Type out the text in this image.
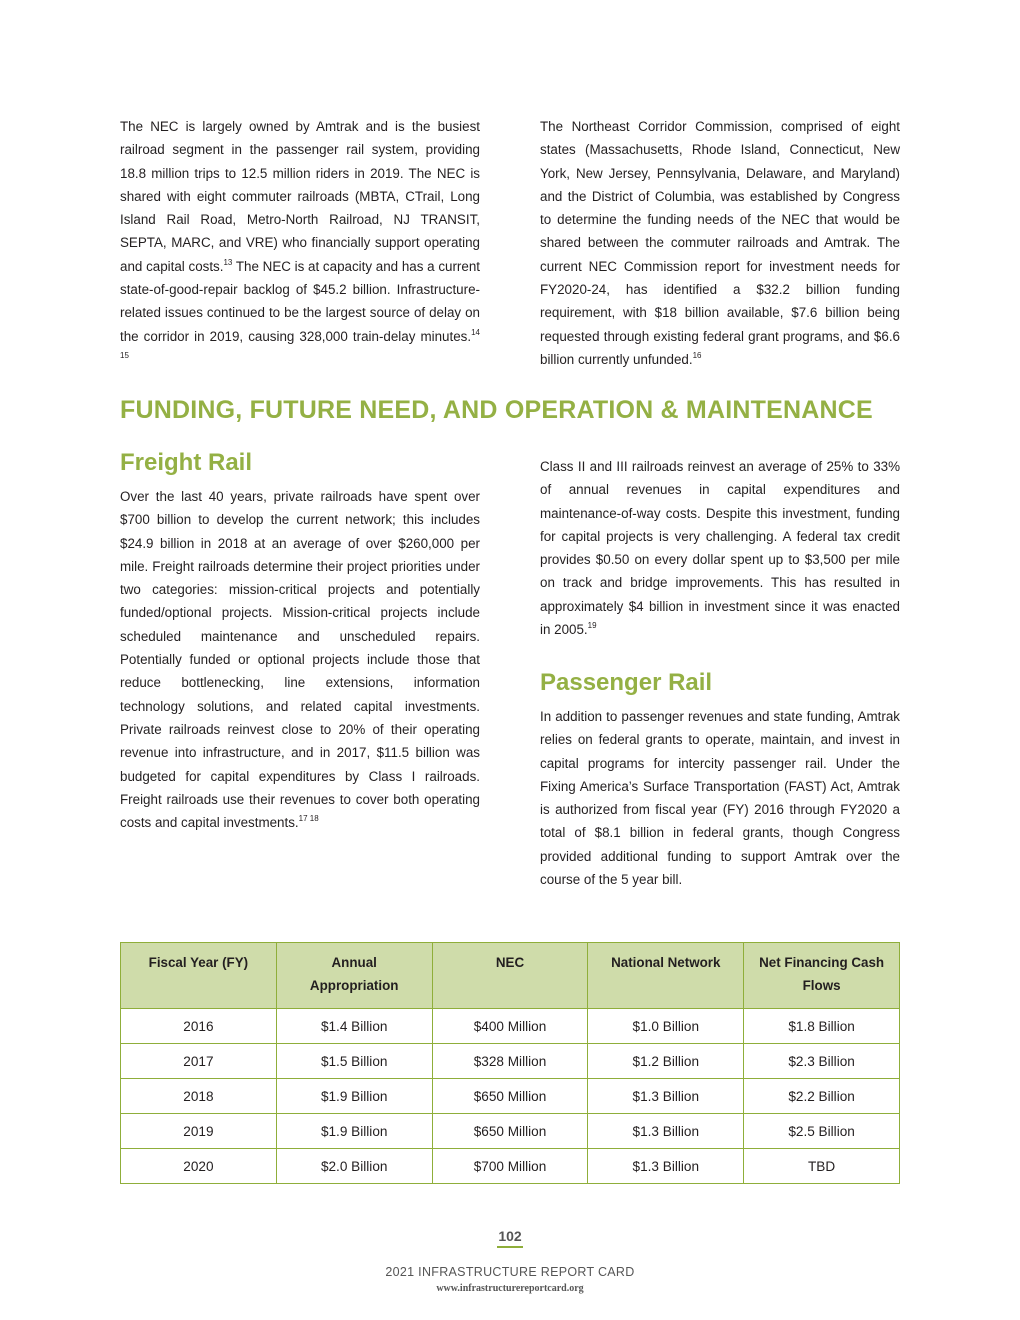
The NEC is largely owned by Amtrak and is the busiest railroad segment in the passenger rail system, providing 18.8 million trips to 12.5 million riders in 2019. The NEC is shared with eight commuter railroads (MBTA, CTrail, Long Island Rail Road, Metro-North Railroad, NJ TRANSIT, SEPTA, MARC, and VRE) who financially support operating and capital costs.$^{13}$ The NEC is at capacity and has a current state-of-good-repair backlog of $45.2 billion. Infrastructure-related issues continued to be the largest source of delay on the corridor in 2019, causing 328,000 train-delay minutes.$^{14 15}$

The Northeast Corridor Commission, comprised of eight states (Massachusetts, Rhode Island, Connecticut, New York, New Jersey, Pennsylvania, Delaware, and Maryland) and the District of Columbia, was established by Congress to determine the funding needs of the NEC that would be shared between the commuter railroads and Amtrak. The current NEC Commission report for investment needs for FY2020-24, has identified a $32.2 billion funding requirement, with $18 billion available, $7.6 billion being requested through existing federal grant programs, and $6.6 billion currently unfunded.$^{16}$

FUNDING, FUTURE NEED, AND OPERATION & MAINTENANCE
Freight Rail

Over the last 40 years, private railroads have spent over $700 billion to develop the current network; this includes $24.9 billion in 2018 at an average of over $260,000 per mile. Freight railroads determine their project priorities under two categories: mission-critical projects and potentially funded/optional projects. Mission-critical projects include scheduled maintenance and unscheduled repairs. Potentially funded or optional projects include those that reduce bottlenecking, line extensions, information technology solutions, and related capital investments. Private railroads reinvest close to 20% of their operating revenue into infrastructure, and in 2017, $11.5 billion was budgeted for capital expenditures by Class I railroads. Freight railroads use their revenues to cover both operating costs and capital investments.$^{17 18}$

Class II and III railroads reinvest an average of 25% to 33% of annual revenues in capital expenditures and maintenance-of-way costs. Despite this investment, funding for capital projects is very challenging. A federal tax credit provides $0.50 on every dollar spent up to $3,500 per mile on track and bridge improvements. This has resulted in approximately $4 billion in investment since it was enacted in 2005.19

Passenger Rail

In addition to passenger revenues and state funding, Amtrak relies on federal grants to operate, maintain, and invest in capital programs for intercity passenger rail. Under the Fixing America’s Surface Transportation (FAST) Act, Amtrak is authorized from fiscal year (FY) 2016 through FY2020 a total of $8.1 billion in federal grants, though Congress provided additional funding to support Amtrak over the course of the 5 year bill.

Fiscal Year (FY)	Annual Appropriation	NEC	National Network	Net Financing Cash Flows
2016	$1.4 Billion	$400 Million	$1.0 Billion	$1.8 Billion
2017	$1.5 Billion	$328 Million	$1.2 Billion	$2.3 Billion
2018	$1.9 Billion	$650 Million	$1.3 Billion	$2.2 Billion
2019	$1.9 Billion	$650 Million	$1.3 Billion	$2.5 Billion
2020	$2.0 Billion	$700 Million	$1.3 Billion	TBD
102
2021 INFRASTRUCTURE REPORT CARD
www.infrastructurereportcard.org
